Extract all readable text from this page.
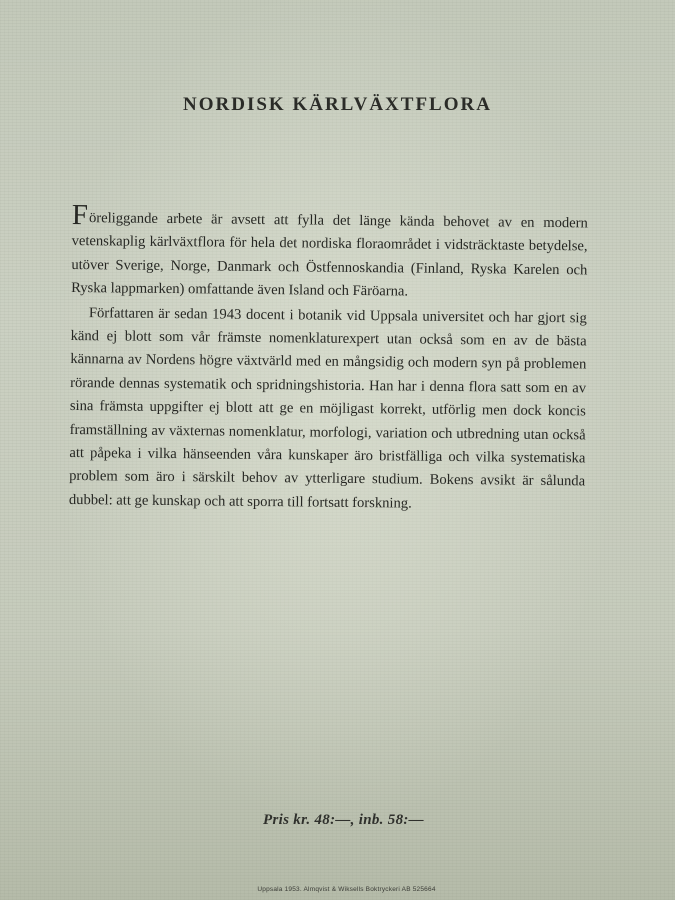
NORDISK KÄRLVÄXTFLORA

Föreliggande arbete är avsett att fylla det länge kända behovet av en modern vetenskaplig kärlväxtflora för hela det nordiska floraområdet i vidsträcktaste betydelse, utöver Sverige, Norge, Danmark och Östfennoskandia (Finland, Ryska Karelen och Ryska lappmarken) omfattande även Island och Färöarna.

Författaren är sedan 1943 docent i botanik vid Uppsala universitet och har gjort sig känd ej blott som vår främste nomenklaturexpert utan också som en av de bästa kännarna av Nordens högre växtvärld med en mångsidig och modern syn på problemen rörande dennas systematik och spridningshistoria. Han har i denna flora satt som en av sina främsta uppgifter ej blott att ge en möjligast korrekt, utförlig men dock koncis framställning av växternas nomenklatur, morfologi, variation och utbredning utan också att påpeka i vilka hänseenden våra kunskaper äro bristfälliga och vilka systematiska problem som äro i särskilt behov av ytterligare studium. Bokens avsikt är sålunda dubbel: att ge kunskap och att sporra till fortsatt forskning.

Pris kr. 48:—, inb. 58:—
Uppsala 1953. Almqvist & Wiksells Boktryckeri AB 525664
